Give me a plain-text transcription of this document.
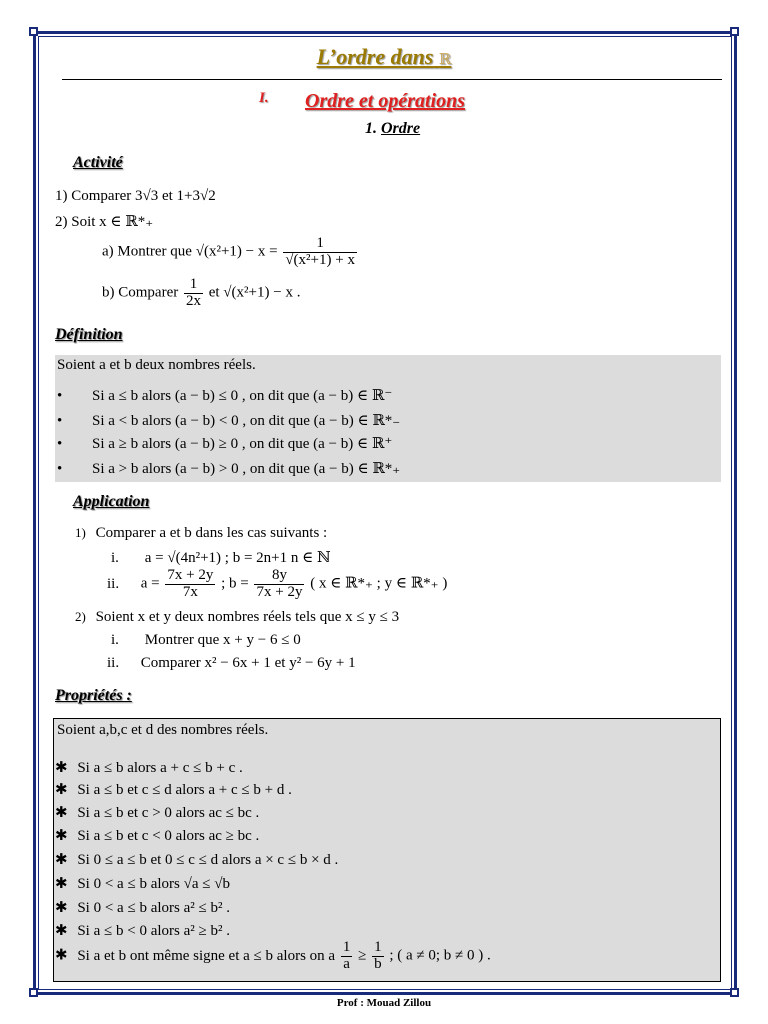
L’ordre dans ℝ
I. Ordre et opérations
1. Ordre
Activité
1) Comparer 3√3 et 1+3√2
2) Soit x ∈ ℝ*₊
a) Montrer que $√(x^2+1) - x = \frac{1}{\text{√(x²+1) + x}}$
b) Comparer $\frac{1}{2x}$ et √(x²+1) − x .
Définition
Soient a et b deux nombres réels.
• Si a ≤ b alors (a − b) ≤ 0 , on dit que (a − b) ∈ ℝ⁻
• Si a < b alors (a − b) < 0 , on dit que (a − b) ∈ ℝ*₋
• Si a ≥ b alors (a − b) ≥ 0 , on dit que (a − b) ∈ ℝ⁺
• Si a > b alors (a − b) > 0 , on dit que (a − b) ∈ ℝ*₊
Application
1) Comparer a et b dans les cas suivants :
i. a = √(4n²+1) ; b = 2n+1 n ∈ ℕ
ii. $a = \frac{7x + 2y}{7x}$ ; $b = \frac{8y}{7x + 2y}$ ( x ∈ ℝ*₊ ; y ∈ ℝ*₊ )
2) Soient x et y deux nombres réels tels que x ≤ y ≤ 3
i. Montrer que x + y − 6 ≤ 0
ii. Comparer x² − 6x + 1 et y² − 6y + 1
Propriétés :
Soient a,b,c et d des nombres réels.
✱ Si a ≤ b alors a + c ≤ b + c .
✱ Si a ≤ b et c ≤ d alors a + c ≤ b + d .
✱ Si a ≤ b et c > 0 alors ac ≤ bc .
✱ Si a ≤ b et c < 0 alors ac ≥ bc .
✱ Si 0 ≤ a ≤ b et 0 ≤ c ≤ d alors a × c ≤ b × d .
✱ Si 0 < a ≤ b alors √a ≤ √b
✱ Si 0 < a ≤ b alors a² ≤ b² .
✱ Si a ≤ b < 0 alors a² ≥ b² .
✱ Si a et b ont même signe et a ≤ b alors on a $\frac{1}{a} \ge \frac{1}{b}$ ; ( a ≠ 0; b ≠ 0 ) .
Prof : Mouad Zillou
